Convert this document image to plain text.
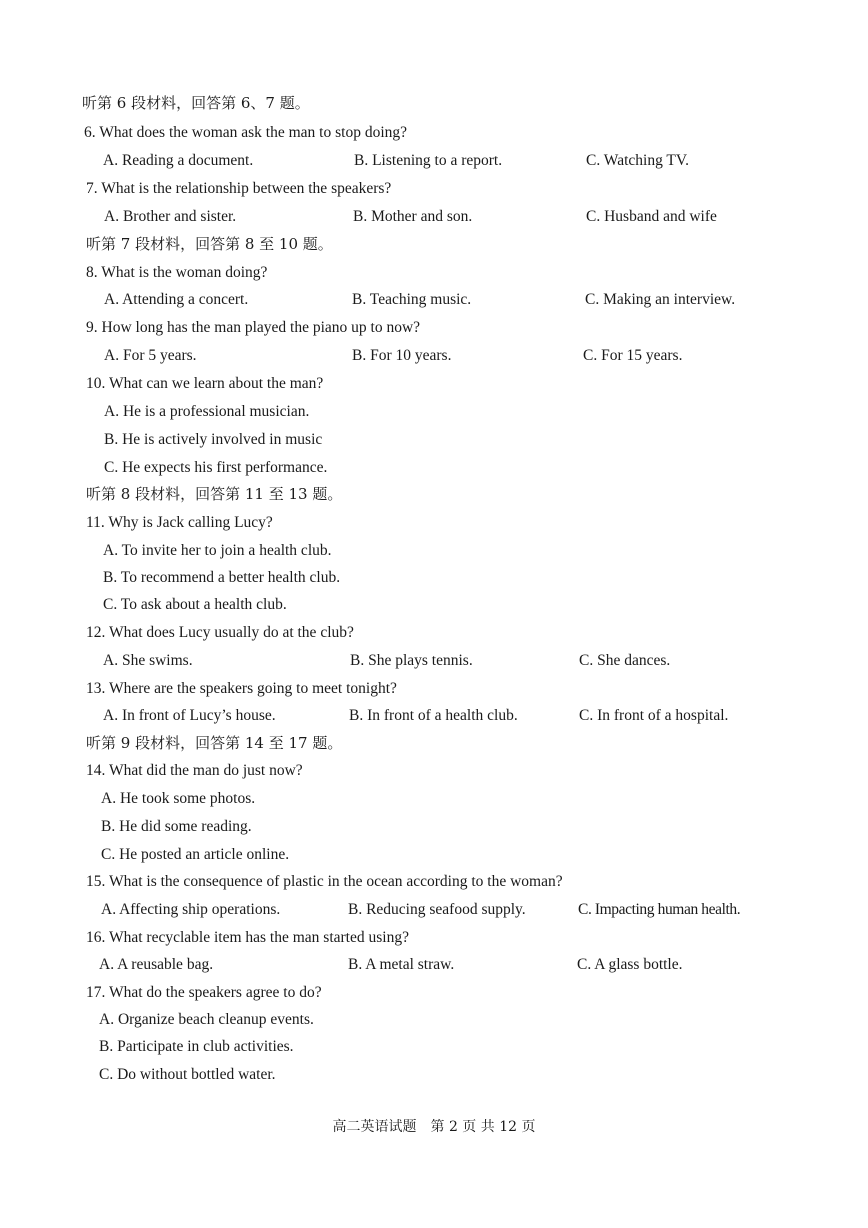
听第 6 段材料，回答第 6、7 题。
6. What does the woman ask the man to stop doing?
A. Reading a document.	B. Listening to a report.	C. Watching TV.
7. What is the relationship between the speakers?
A. Brother and sister.	B. Mother and son.	C. Husband and wife
听第 7 段材料，回答第 8 至 10 题。
8. What is the woman doing?
A. Attending a concert.	B. Teaching music.	C. Making an interview.
9. How long has the man played the piano up to now?
A. For 5 years.	B. For 10 years.	C. For 15 years.
10. What can we learn about the man?
A. He is a professional musician.
B. He is actively involved in music
C. He expects his first performance.
听第 8 段材料，回答第 11 至 13 题。
11. Why is Jack calling Lucy?
A. To invite her to join a health club.
B. To recommend a better health club.
C. To ask about a health club.
12. What does Lucy usually do at the club?
A. She swims.	B. She plays tennis.	C. She dances.
13. Where are the speakers going to meet tonight?
A. In front of Lucy’s house.	B. In front of a health club.	C. In front of a hospital.
听第 9 段材料，回答第 14 至 17 题。
14. What did the man do just now?
A. He took some photos.
B. He did some reading.
C. He posted an article online.
15. What is the consequence of plastic in the ocean according to the woman?
A. Affecting ship operations.	B. Reducing seafood supply.	C. Impacting human health.
16. What recyclable item has the man started using?
A. A reusable bag.	B. A metal straw.	C. A glass bottle.
17. What do the speakers agree to do?
A. Organize beach cleanup events.
B. Participate in club activities.
C. Do without bottled water.
高二英语试题　第 2 页 共 12 页
